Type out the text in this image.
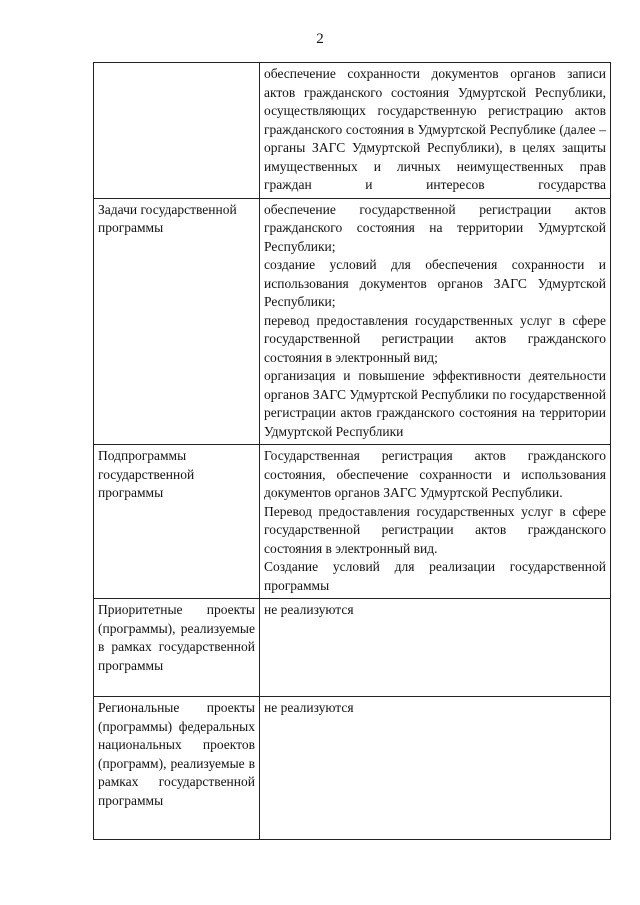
2

	обеспечение сохранности документов органов записи актов гражданского состояния Удмуртской Республики, осуществляющих государственную регистрацию актов гражданского состояния в Удмуртской Республике (далее – органы ЗАГС Удмуртской Республики), в целях защиты имущественных и личных неимущественных прав граждан и интересов государства

Задачи государственной программы	обеспечение государственной регистрации актов гражданского состояния на территории Удмуртской Республики;

создание условий для обеспечения сохранности и использования документов органов ЗАГС Удмуртской Республики;

перевод предоставления государственных услуг в сфере государственной регистрации актов гражданского состояния в электронный вид;

организация и повышение эффективности деятельности органов ЗАГС Удмуртской Республики по государственной регистрации актов гражданского состояния на территории Удмуртской Республики

Подпрограммы государственной программы	Государственная регистрация актов гражданского состояния, обеспечение сохранности и использования документов органов ЗАГС Удмуртской Республики.

Перевод предоставления государственных услуг в сфере государственной регистрации актов гражданского состояния в электронный вид.

Создание условий для реализации государственной программы

Приоритетные проекты (программы), реализуемые в рамках государственной программы	не реализуются

Региональные проекты (программы) федеральных национальных проектов (программ), реализуемые в рамках государственной программы	не реализуются
